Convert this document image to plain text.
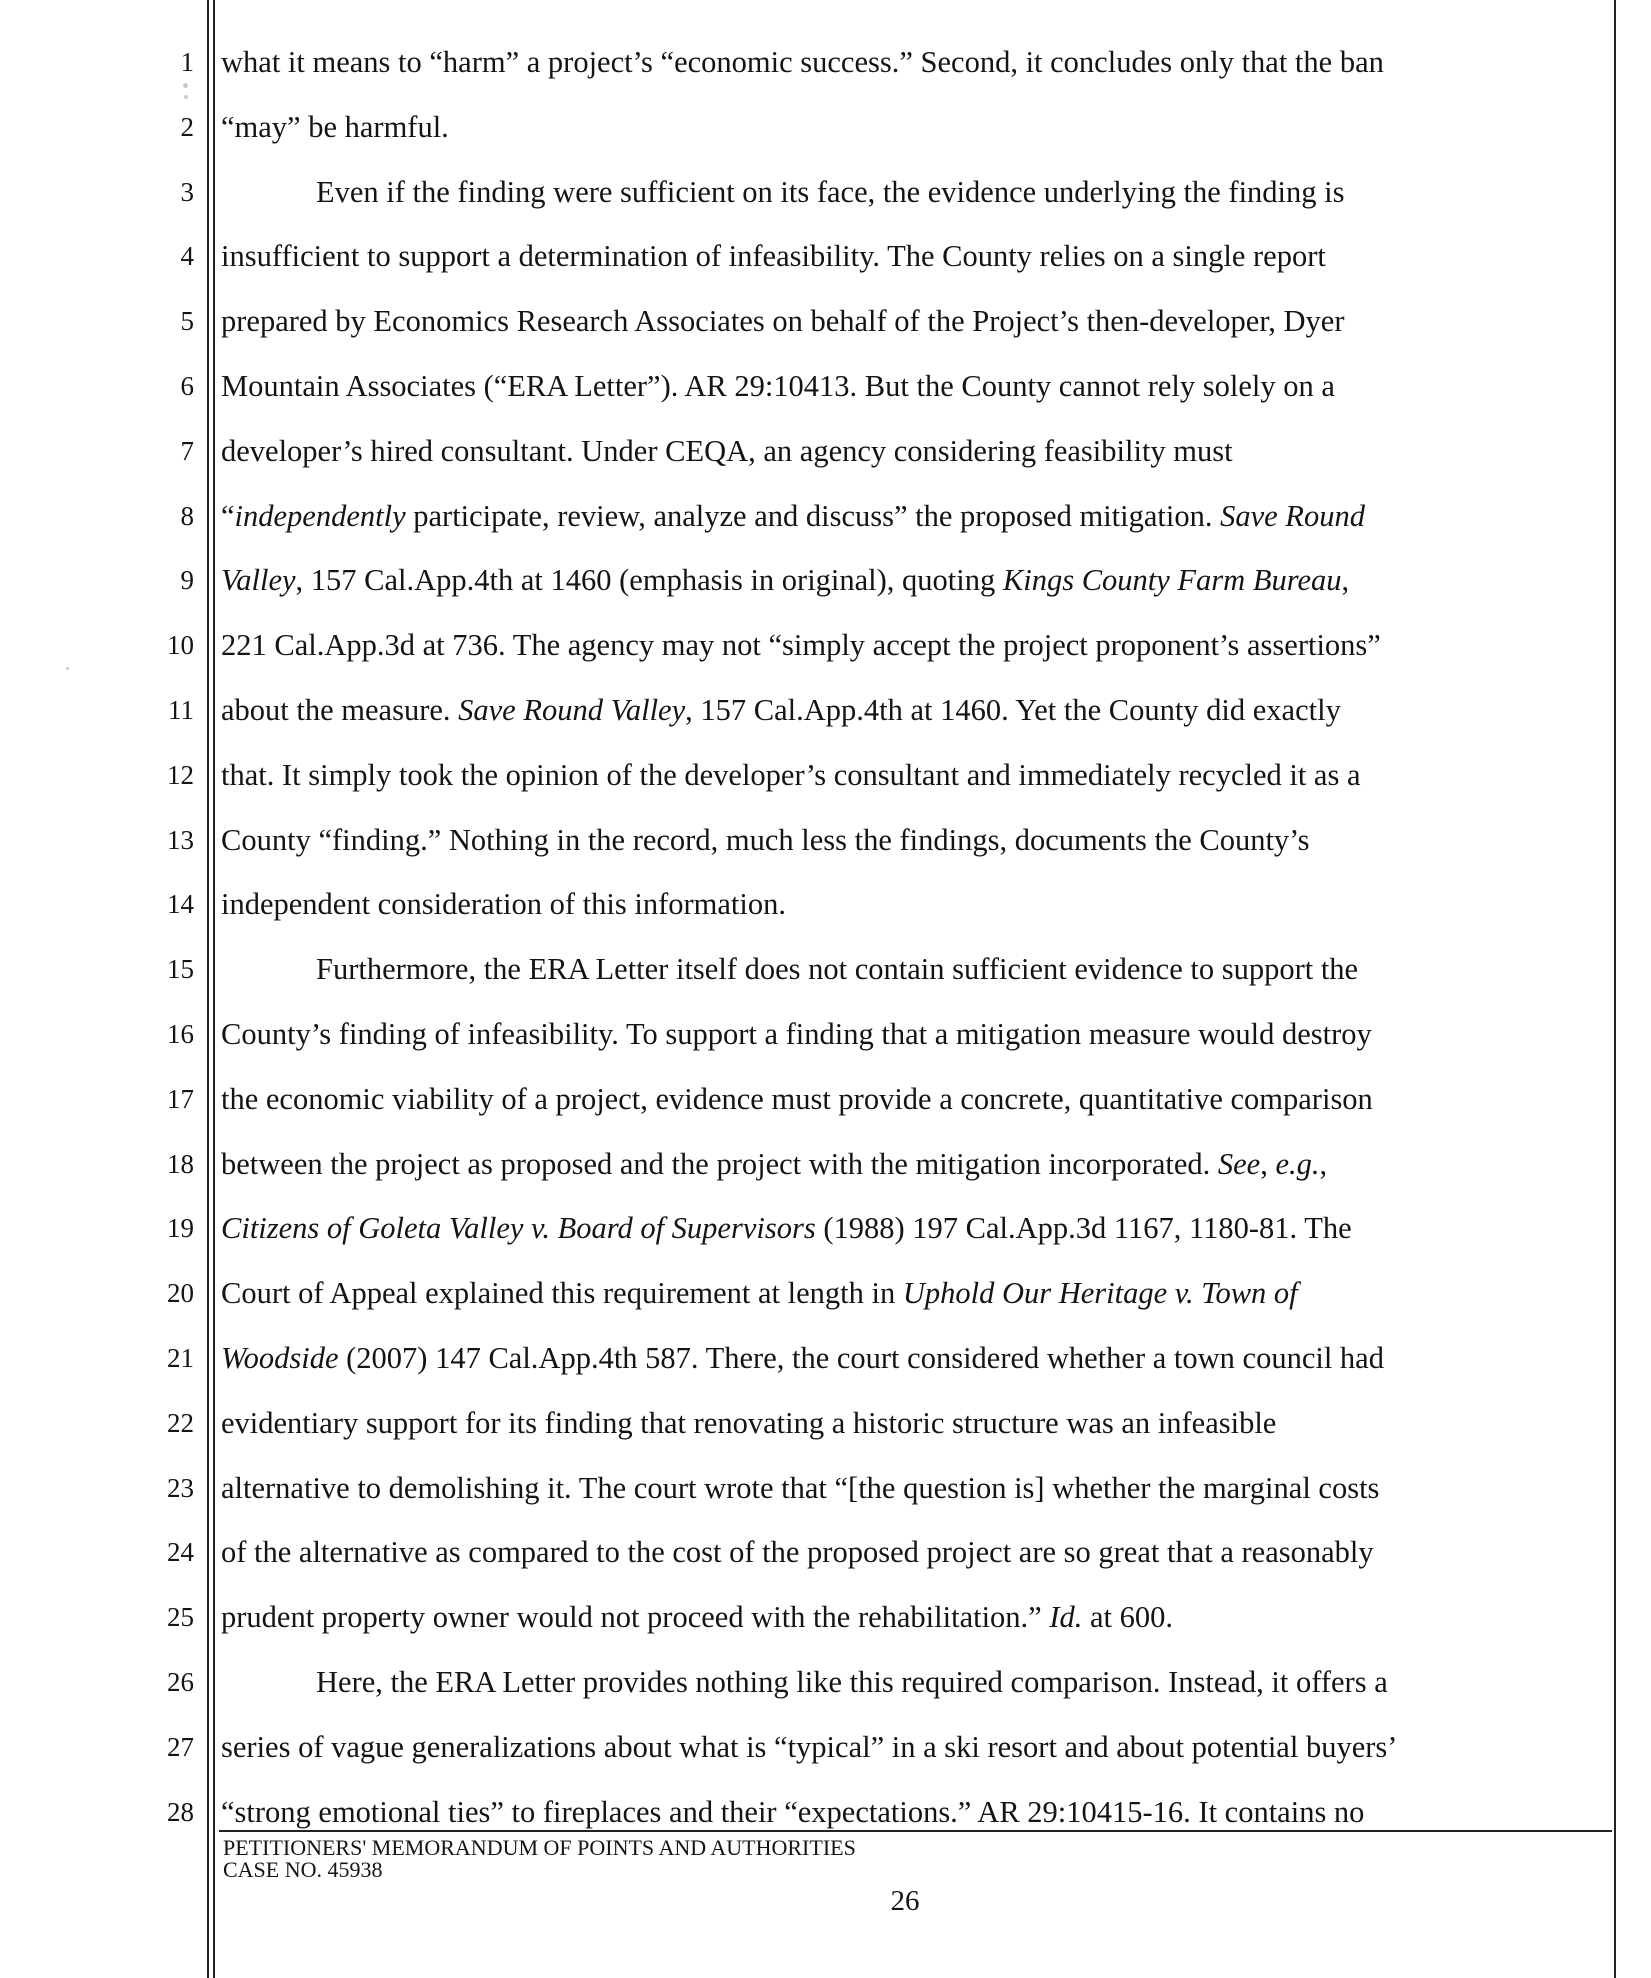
1
2
3
4
5
6
7
8
9
10
11
12
13
14
15
16
17
18
19
20
21
22
23
24
25
26
27
28
what it means to “harm” a project’s “economic success.” Second, it concludes only that the ban
“may” be harmful.
Even if the finding were sufficient on its face, the evidence underlying the finding is
insufficient to support a determination of infeasibility. The County relies on a single report
prepared by Economics Research Associates on behalf of the Project’s then-developer, Dyer
Mountain Associates (“ERA Letter”). AR 29:10413. But the County cannot rely solely on a
developer’s hired consultant. Under CEQA, an agency considering feasibility must
“independently participate, review, analyze and discuss” the proposed mitigation. Save Round
Valley, 157 Cal.App.4th at 1460 (emphasis in original), quoting Kings County Farm Bureau,
221 Cal.App.3d at 736. The agency may not “simply accept the project proponent’s assertions”
about the measure. Save Round Valley, 157 Cal.App.4th at 1460. Yet the County did exactly
that. It simply took the opinion of the developer’s consultant and immediately recycled it as a
County “finding.” Nothing in the record, much less the findings, documents the County’s
independent consideration of this information.
Furthermore, the ERA Letter itself does not contain sufficient evidence to support the
County’s finding of infeasibility. To support a finding that a mitigation measure would destroy
the economic viability of a project, evidence must provide a concrete, quantitative comparison
between the project as proposed and the project with the mitigation incorporated. See, e.g.,
Citizens of Goleta Valley v. Board of Supervisors (1988) 197 Cal.App.3d 1167, 1180-81. The
Court of Appeal explained this requirement at length in Uphold Our Heritage v. Town of
Woodside (2007) 147 Cal.App.4th 587. There, the court considered whether a town council had
evidentiary support for its finding that renovating a historic structure was an infeasible
alternative to demolishing it. The court wrote that “[the question is] whether the marginal costs
of the alternative as compared to the cost of the proposed project are so great that a reasonably
prudent property owner would not proceed with the rehabilitation.” Id. at 600.
Here, the ERA Letter provides nothing like this required comparison. Instead, it offers a
series of vague generalizations about what is “typical” in a ski resort and about potential buyers’
“strong emotional ties” to fireplaces and their “expectations.” AR 29:10415-16. It contains no
PETITIONERS' MEMORANDUM OF POINTS AND AUTHORITIES
CASE NO. 45938
26
